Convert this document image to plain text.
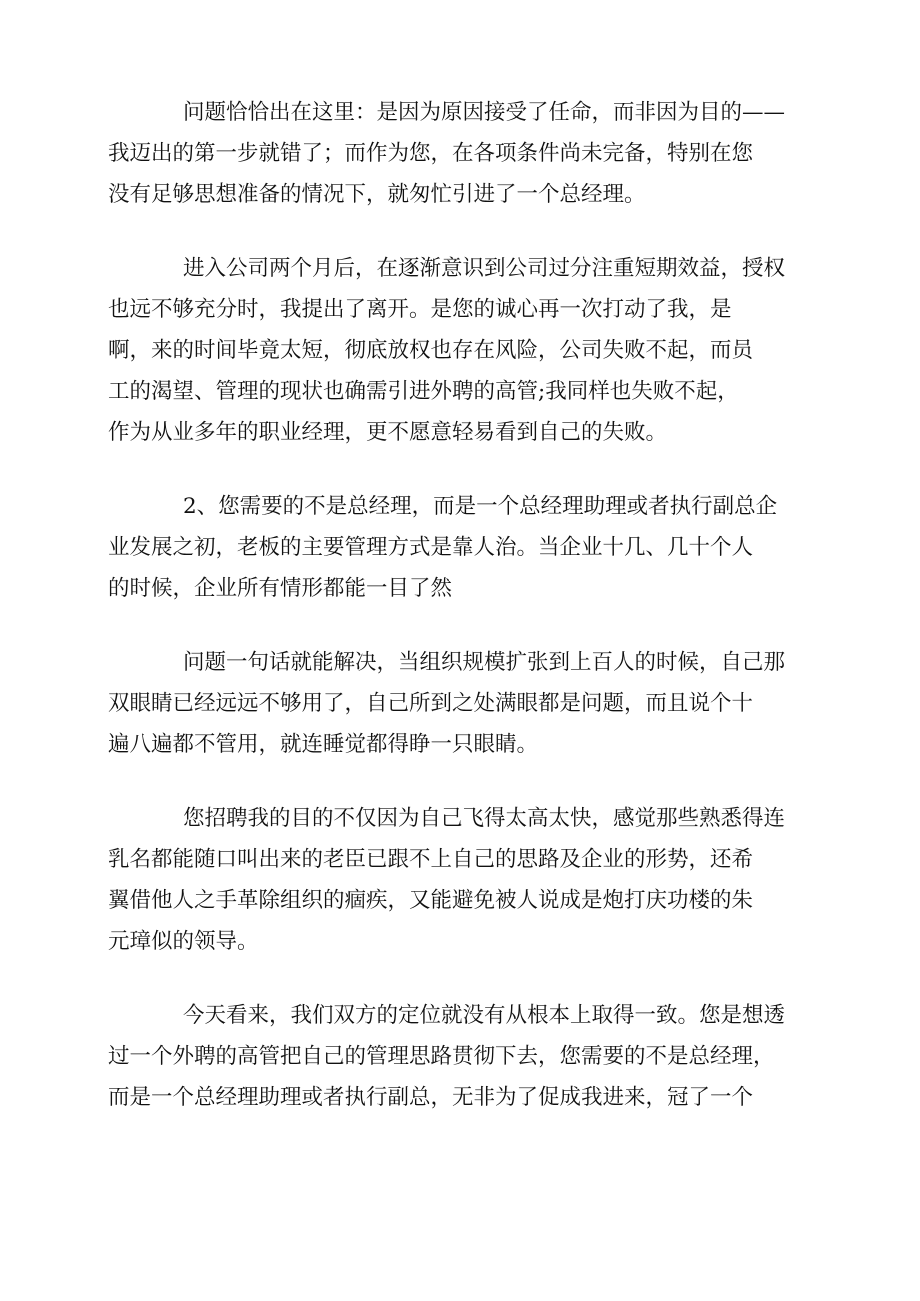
问题恰恰出在这里：是因为原因接受了任命，而非因为目的——
我迈出的第一步就错了；而作为您，在各项条件尚未完备，特别在您
没有足够思想准备的情况下，就匆忙引进了一个总经理。
进入公司两个月后，在逐渐意识到公司过分注重短期效益，授权
也远不够充分时，我提出了离开。是您的诚心再一次打动了我，是
啊，来的时间毕竟太短，彻底放权也存在风险，公司失败不起，而员
工的渴望、管理的现状也确需引进外聘的高管;我同样也失败不起，
作为从业多年的职业经理，更不愿意轻易看到自己的失败。
2、您需要的不是总经理，而是一个总经理助理或者执行副总企
业发展之初，老板的主要管理方式是靠人治。当企业十几、几十个人
的时候，企业所有情形都能一目了然
问题一句话就能解决，当组织规模扩张到上百人的时候，自己那
双眼睛已经远远不够用了，自己所到之处满眼都是问题，而且说个十
遍八遍都不管用，就连睡觉都得睁一只眼睛。
您招聘我的目的不仅因为自己飞得太高太快，感觉那些熟悉得连
乳名都能随口叫出来的老臣已跟不上自己的思路及企业的形势，还希
翼借他人之手革除组织的痼疾，又能避免被人说成是炮打庆功楼的朱
元璋似的领导。
今天看来，我们双方的定位就没有从根本上取得一致。您是想透
过一个外聘的高管把自己的管理思路贯彻下去，您需要的不是总经理，
而是一个总经理助理或者执行副总，无非为了促成我进来，冠了一个
